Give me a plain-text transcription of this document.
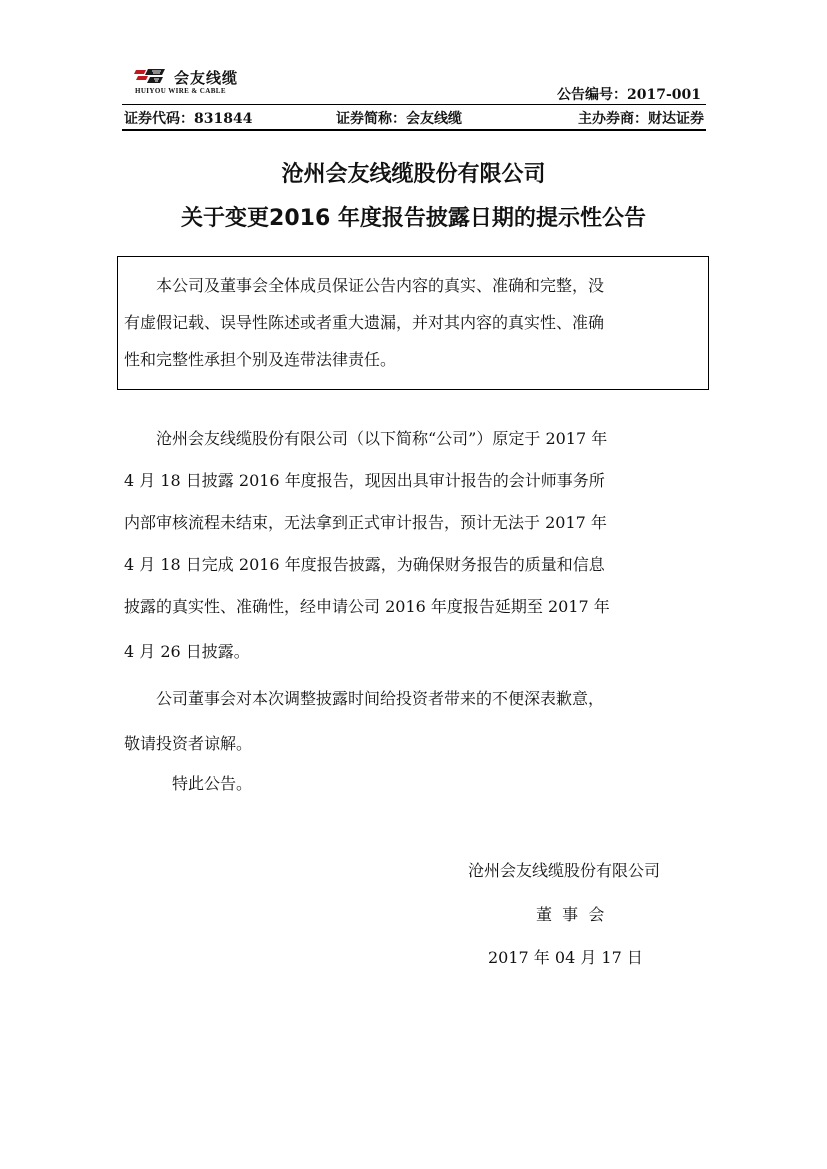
会友线缆
HUIYOU WIRE & CABLE	公告编号：2017-001
证券代码：831844	证券简称：会友线缆	主办券商：财达证券
沧州会友线缆股份有限公司
关于变更2016 年度报告披露日期的提示性公告

本公司及董事会全体成员保证公告内容的真实、准确和完整，没

有虚假记载、误导性陈述或者重大遗漏，并对其内容的真实性、准确

性和完整性承担个别及连带法律责任。

沧州会友线缆股份有限公司（以下简称“公司”）原定于 2017 年
4 月 18 日披露 2016 年度报告，现因出具审计报告的会计师事务所
内部审核流程未结束，无法拿到正式审计报告，预计无法于 2017 年
4 月 18 日完成 2016 年度报告披露，为确保财务报告的质量和信息
披露的真实性、准确性，经申请公司 2016 年度报告延期至 2017 年
4 月 26 日披露。
公司董事会对本次调整披露时间给投资者带来的不便深表歉意，
敬请投资者谅解。
特此公告。
沧州会友线缆股份有限公司
董  事  会
2017 年 04 月 17 日
